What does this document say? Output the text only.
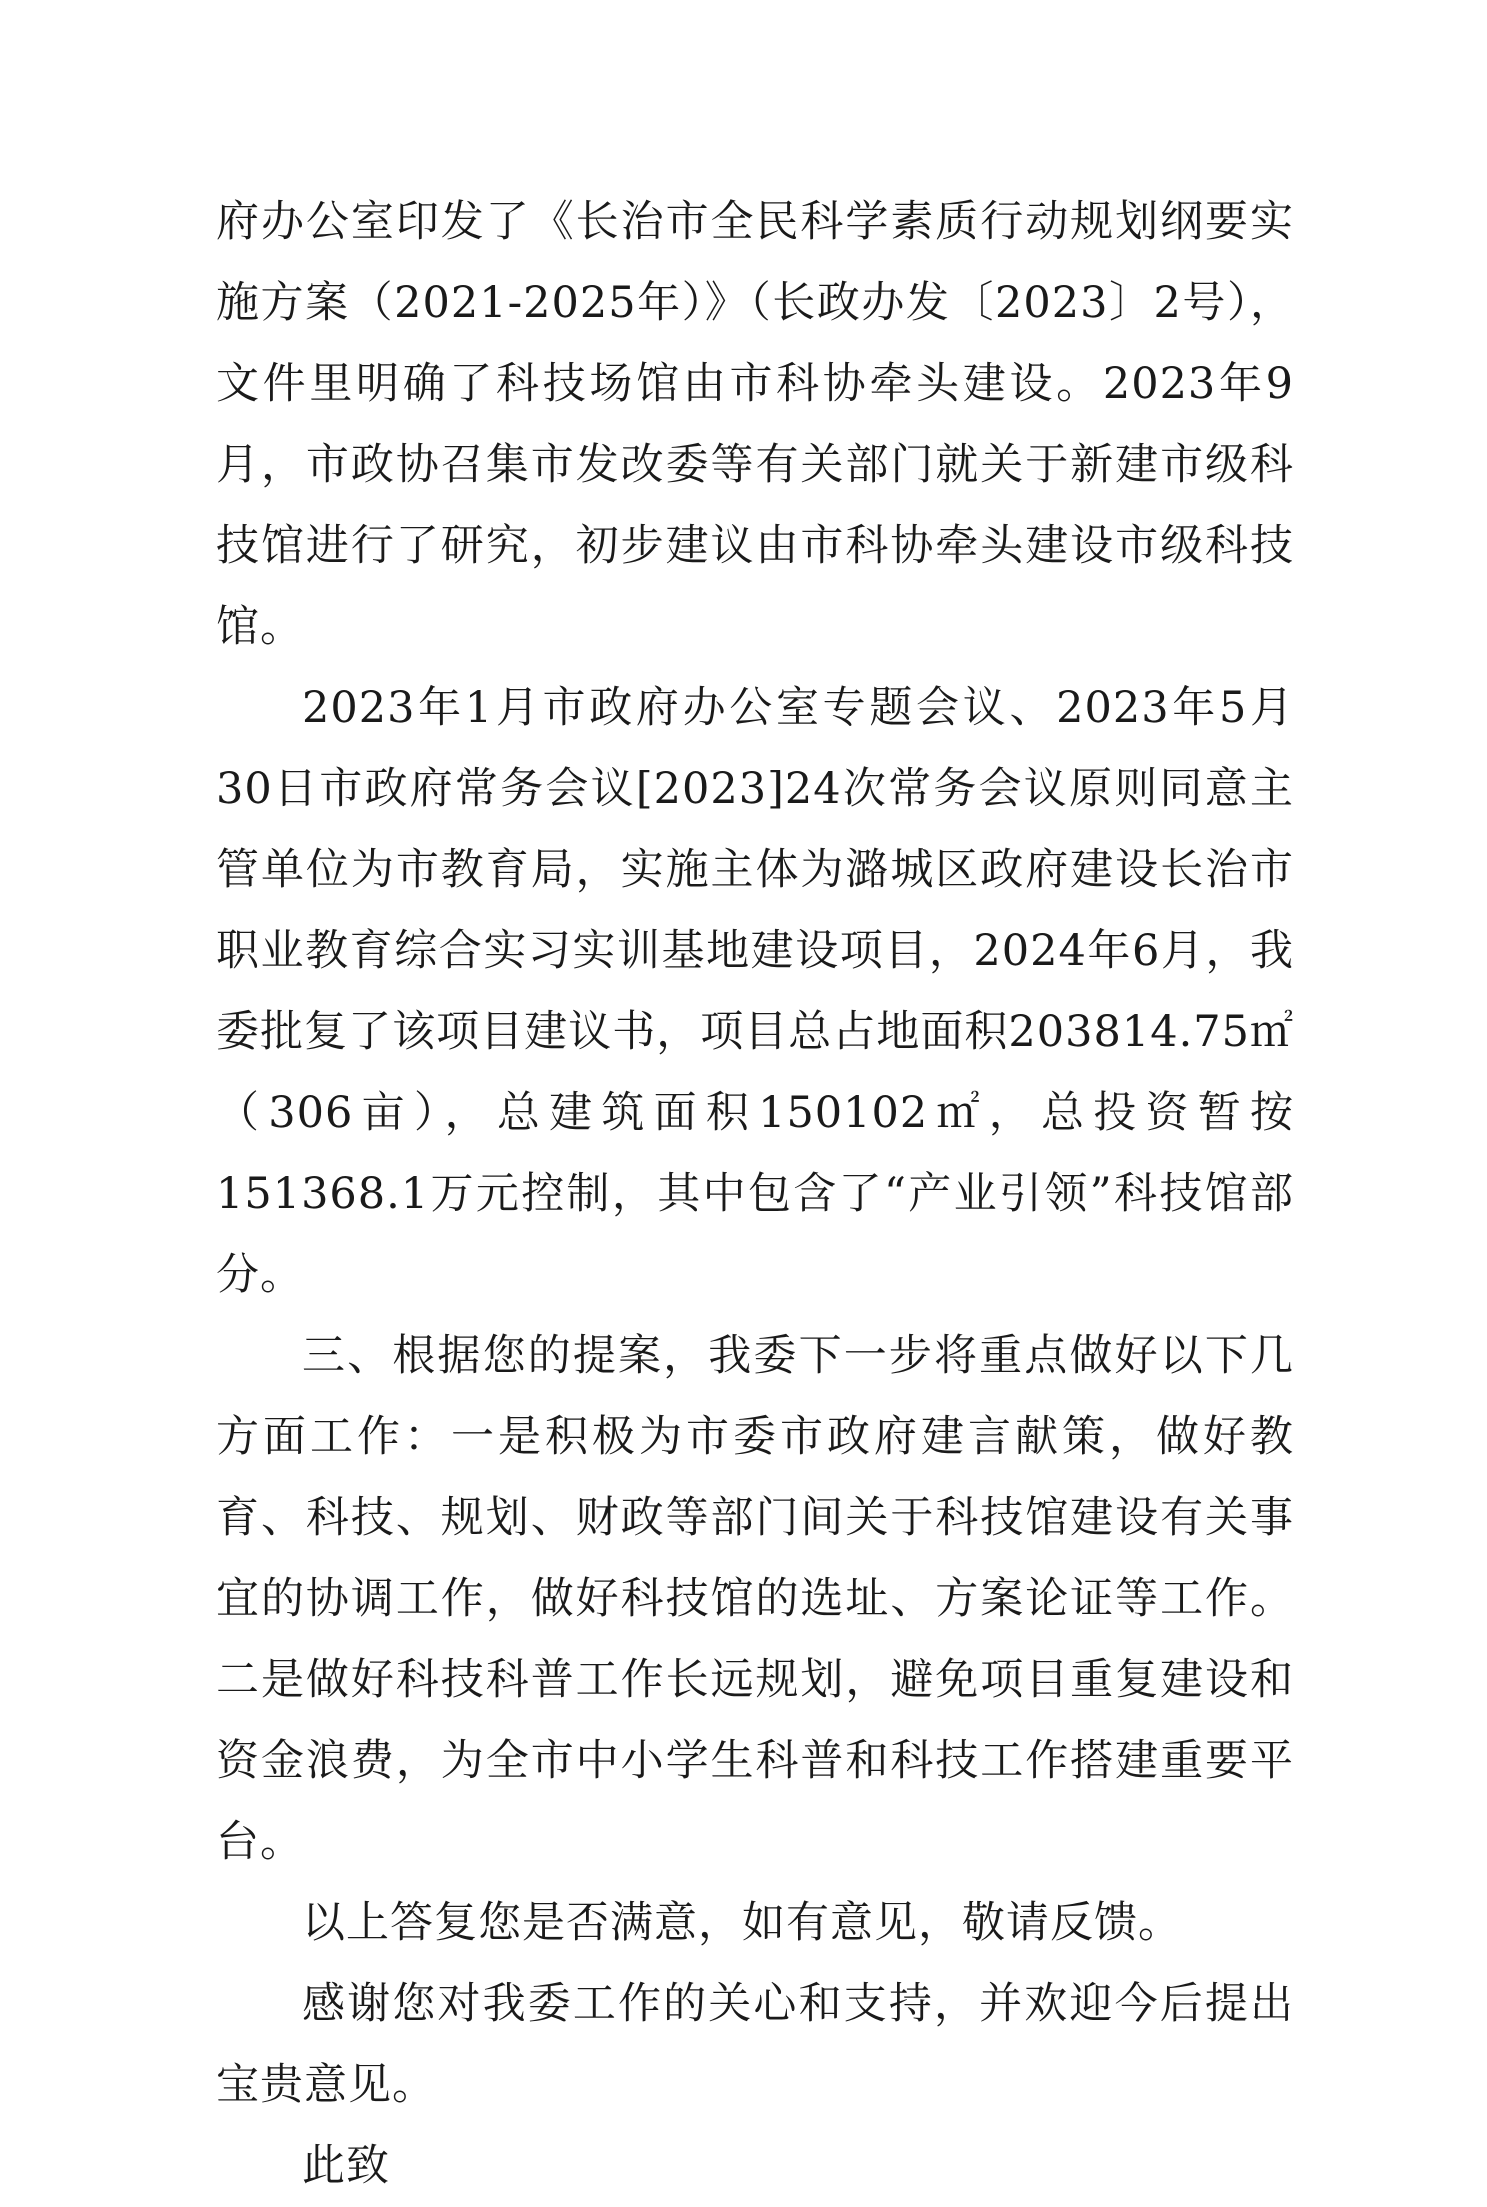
府办公室印发了《长治市全民科学素质行动规划纲要实施方案（2021-2025年）》（长政办发〔2023〕2号），文件里明确了科技场馆由市科协牵头建设。2023年9月，市政协召集市发改委等有关部门就关于新建市级科技馆进行了研究，初步建议由市科协牵头建设市级科技馆。

2023年1月市政府办公室专题会议、2023年5月30日市政府常务会议[2023]24次常务会议原则同意主管单位为市教育局，实施主体为潞城区政府建设长治市职业教育综合实习实训基地建设项目，2024年6月，我委批复了该项目建议书，项目总占地面积203814.75㎡（306亩），总建筑面积150102㎡，总投资暂按151368.1万元控制，其中包含了“产业引领”科技馆部分。

三、根据您的提案，我委下一步将重点做好以下几方面工作：一是积极为市委市政府建言献策，做好教育、科技、规划、财政等部门间关于科技馆建设有关事宜的协调工作，做好科技馆的选址、方案论证等工作。二是做好科技科普工作长远规划，避免项目重复建设和资金浪费，为全市中小学生科普和科技工作搭建重要平台。

以上答复您是否满意，如有意见，敬请反馈。

感谢您对我委工作的关心和支持，并欢迎今后提出宝贵意见。

此致
